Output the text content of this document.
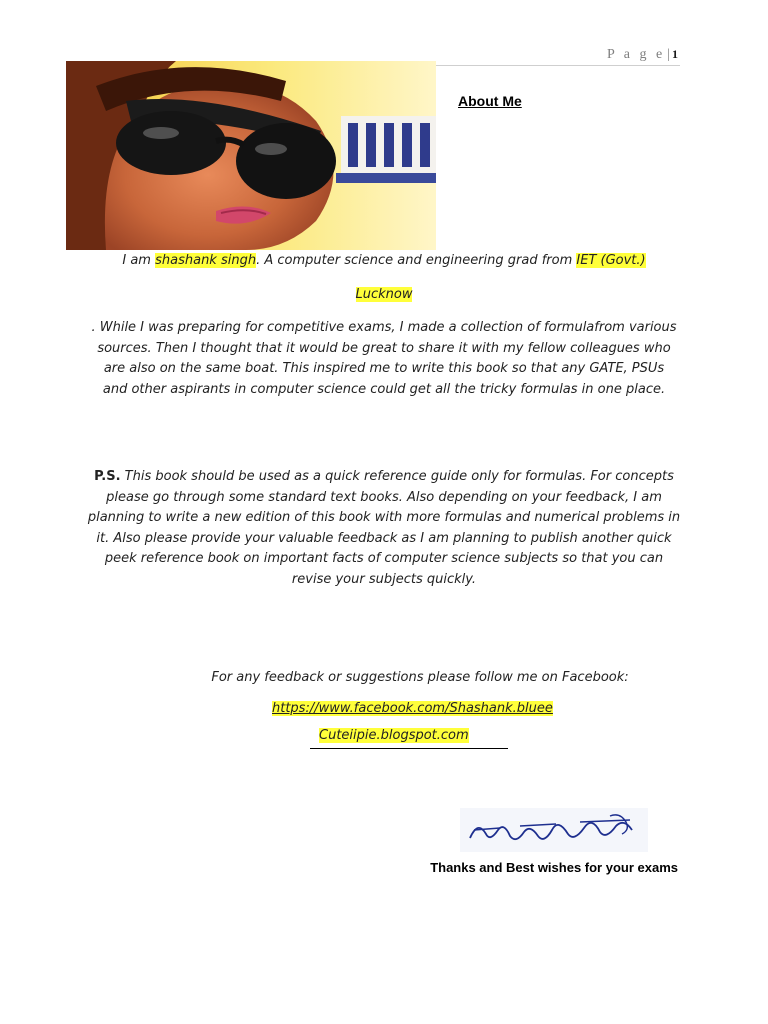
P a g e | 1
About Me
I am shashank singh. A computer science and engineering grad from IET (Govt.)
Lucknow
. While I was preparing for competitive exams, I made a collection of formulafrom various sources. Then I thought that it would be great to share it with my fellow colleagues who are also on the same boat. This inspired me to write this book so that any GATE, PSUs and other aspirants in computer science could get all the tricky formulas in one place.
P.S. This book should be used as a quick reference guide only for formulas. For concepts please go through some standard text books. Also depending on your feedback, I am planning to write a new edition of this book with more formulas and numerical problems in it. Also please provide your valuable feedback as I am planning to publish another quick peek reference book on important facts of computer science subjects so that you can revise your subjects quickly.
For any feedback or suggestions please follow me on Facebook:
https://www.facebook.com/Shashank.bluee
Cuteiipie.blogspot.com
Thanks and Best wishes for your exams
